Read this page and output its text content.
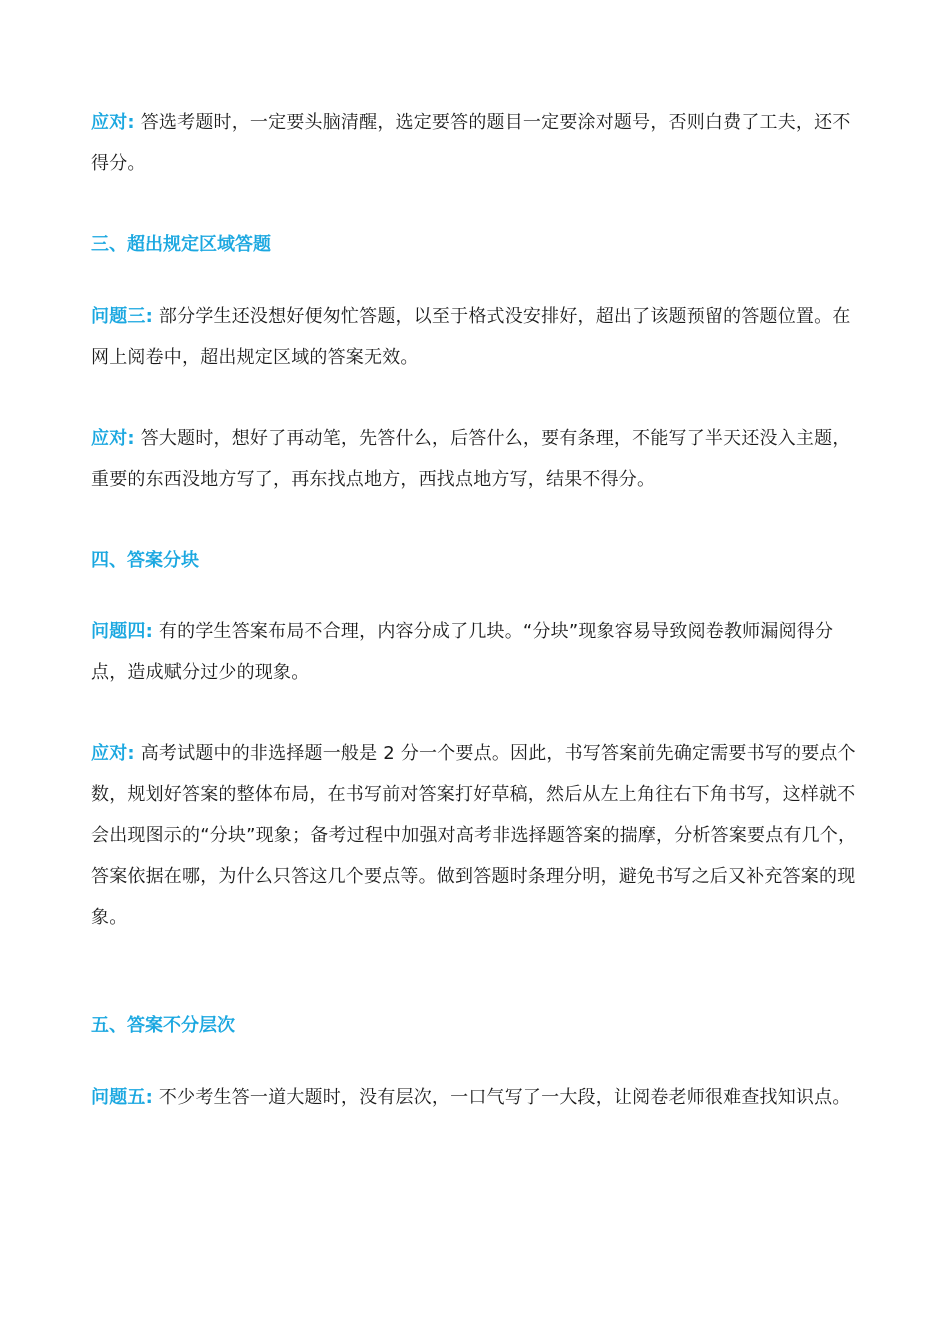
应对: 答选考题时，一定要头脑清醒，选定要答的题目一定要涂对题号，否则白费了工夫，还不得分。
三、超出规定区域答题
问题三: 部分学生还没想好便匆忙答题，以至于格式没安排好，超出了该题预留的答题位置。在网上阅卷中，超出规定区域的答案无效。
应对: 答大题时，想好了再动笔，先答什么，后答什么，要有条理，不能写了半天还没入主题，重要的东西没地方写了，再东找点地方，西找点地方写，结果不得分。
四、答案分块
问题四: 有的学生答案布局不合理，内容分成了几块。“分块”现象容易导致阅卷教师漏阅得分点，造成赋分过少的现象。
应对: 高考试题中的非选择题一般是 2 分一个要点。因此，书写答案前先确定需要书写的要点个数，规划好答案的整体布局，在书写前对答案打好草稿，然后从左上角往右下角书写，这样就不会出现图示的“分块”现象；备考过程中加强对高考非选择题答案的揣摩，分析答案要点有几个，答案依据在哪，为什么只答这几个要点等。做到答题时条理分明，避免书写之后又补充答案的现象。
五、答案不分层次
问题五: 不少考生答一道大题时，没有层次，一口气写了一大段，让阅卷老师很难查找知识点。
